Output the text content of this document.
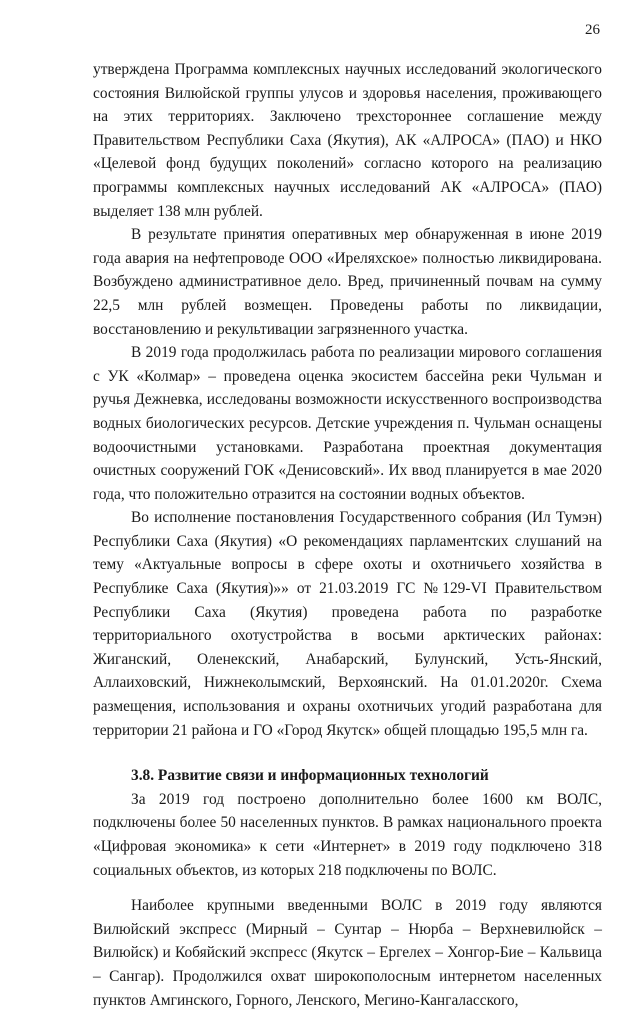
26

утверждена Программа комплексных научных исследований экологического состояния Вилюйской группы улусов и здоровья населения, проживающего на этих территориях. Заключено трехстороннее соглашение между Правительством Республики Саха (Якутия), АК «АЛРОСА» (ПАО) и НКО «Целевой фонд будущих поколений» согласно которого на реализацию программы комплексных научных исследований АК «АЛРОСА» (ПАО) выделяет 138 млн рублей.

В результате принятия оперативных мер обнаруженная в июне 2019 года авария на нефтепроводе ООО «Иреляхское» полностью ликвидирована. Возбуждено административное дело. Вред, причиненный почвам на сумму 22,5 млн рублей возмещен. Проведены работы по ликвидации, восстановлению и рекультивации загрязненного участка.

В 2019 года продолжилась работа по реализации мирового соглашения с УК «Колмар» – проведена оценка экосистем бассейна реки Чульман и ручья Дежневка, исследованы возможности искусственного воспроизводства водных биологических ресурсов. Детские учреждения п. Чульман оснащены водоочистными установками. Разработана проектная документация очистных сооружений ГОК «Денисовский». Их ввод планируется в мае 2020 года, что положительно отразится на состоянии водных объектов.

Во исполнение постановления Государственного собрания (Ил Тумэн) Республики Саха (Якутия) «О рекомендациях парламентских слушаний на тему «Актуальные вопросы в сфере охоты и охотничьего хозяйства в Республике Саха (Якутия)»» от 21.03.2019 ГС №129-VI Правительством Республики Саха (Якутия) проведена работа по разработке территориального охотустройства в восьми арктических районах: Жиганский, Оленекский, Анабарский, Булунский, Усть-Янский, Аллаиховский, Нижнеколымский, Верхоянский. На 01.01.2020г. Схема размещения, использования и охраны охотничьих угодий разработана для территории 21 района и ГО «Город Якутск» общей площадью 195,5 млн га.

3.8. Развитие связи и информационных технологий

За 2019 год построено дополнительно более 1600 км ВОЛС, подключены более 50 населенных пунктов. В рамках национального проекта «Цифровая экономика» к сети «Интернет» в 2019 году подключено 318 социальных объектов, из которых 218 подключены по ВОЛС.

Наиболее крупными введенными ВОЛС в 2019 году являются Вилюйский экспресс (Мирный – Сунтар – Нюрба – Верхневилюйск – Вилюйск) и Кобяйский экспресс (Якутск – Ергелех – Хонгор-Бие – Кальвица – Сангар). Продолжился охват широкополосным интернетом населенных пунктов Амгинского, Горного, Ленского, Мегино-Кангаласского,
